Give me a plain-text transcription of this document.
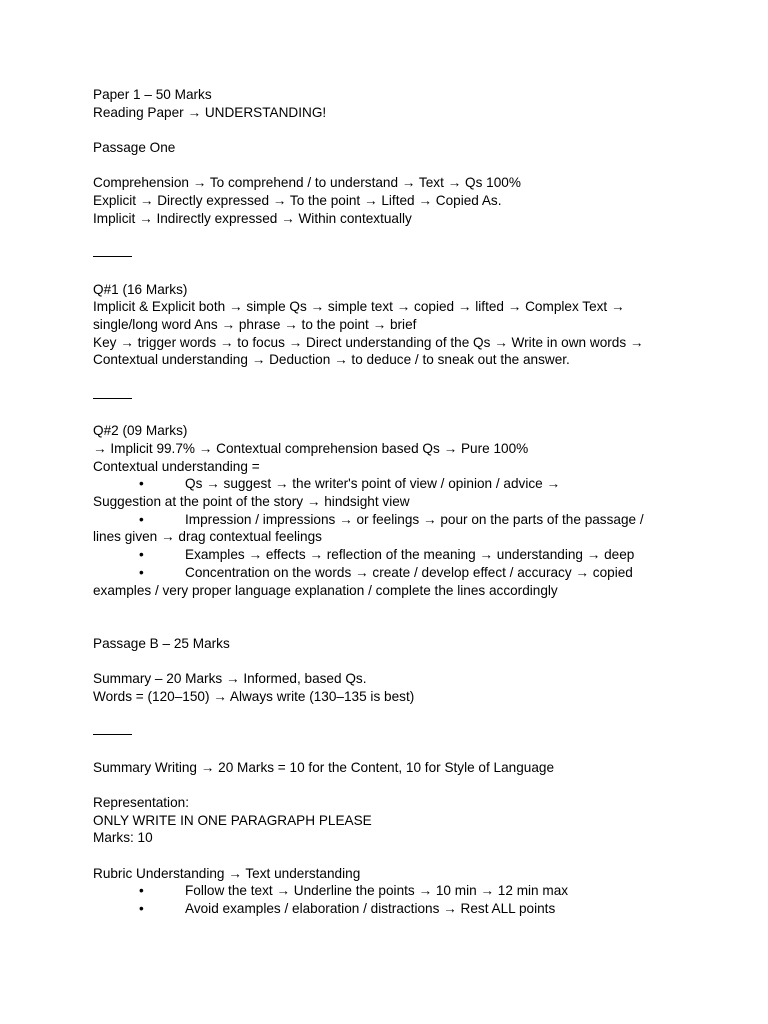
Paper 1 – 50 Marks
Reading Paper → UNDERSTANDING!
Passage One
Comprehension → To comprehend / to understand → Text → Qs 100%
Explicit → Directly expressed → To the point → Lifted → Copied As.
Implicit → Indirectly expressed → Within contextually
Q#1 (16 Marks)
Implicit & Explicit both → simple Qs → simple text → copied → lifted → Complex Text →
single/long word Ans → phrase → to the point → brief
Key → trigger words → to focus → Direct understanding of the Qs → Write in own words →
Contextual understanding → Deduction → to deduce / to sneak out the answer.
Q#2 (09 Marks)
→ Implicit 99.7% → Contextual comprehension based Qs → Pure 100%
Contextual understanding =
•	Qs → suggest → the writer's point of view / opinion / advice →
Suggestion at the point of the story → hindsight view
•	Impression / impressions → or feelings → pour on the parts of the passage /
lines given → drag contextual feelings
•	Examples → effects → reflection of the meaning → understanding → deep
•	Concentration on the words → create / develop effect / accuracy → copied
examples / very proper language explanation / complete the lines accordingly
Passage B – 25 Marks
Summary – 20 Marks → Informed, based Qs.
Words = (120–150) → Always write (130–135 is best)
Summary Writing → 20 Marks = 10 for the Content, 10 for Style of Language
Representation:
ONLY WRITE IN ONE PARAGRAPH PLEASE
Marks: 10
Rubric Understanding → Text understanding
•	Follow the text → Underline the points → 10 min → 12 min max
•	Avoid examples / elaboration / distractions → Rest ALL points
